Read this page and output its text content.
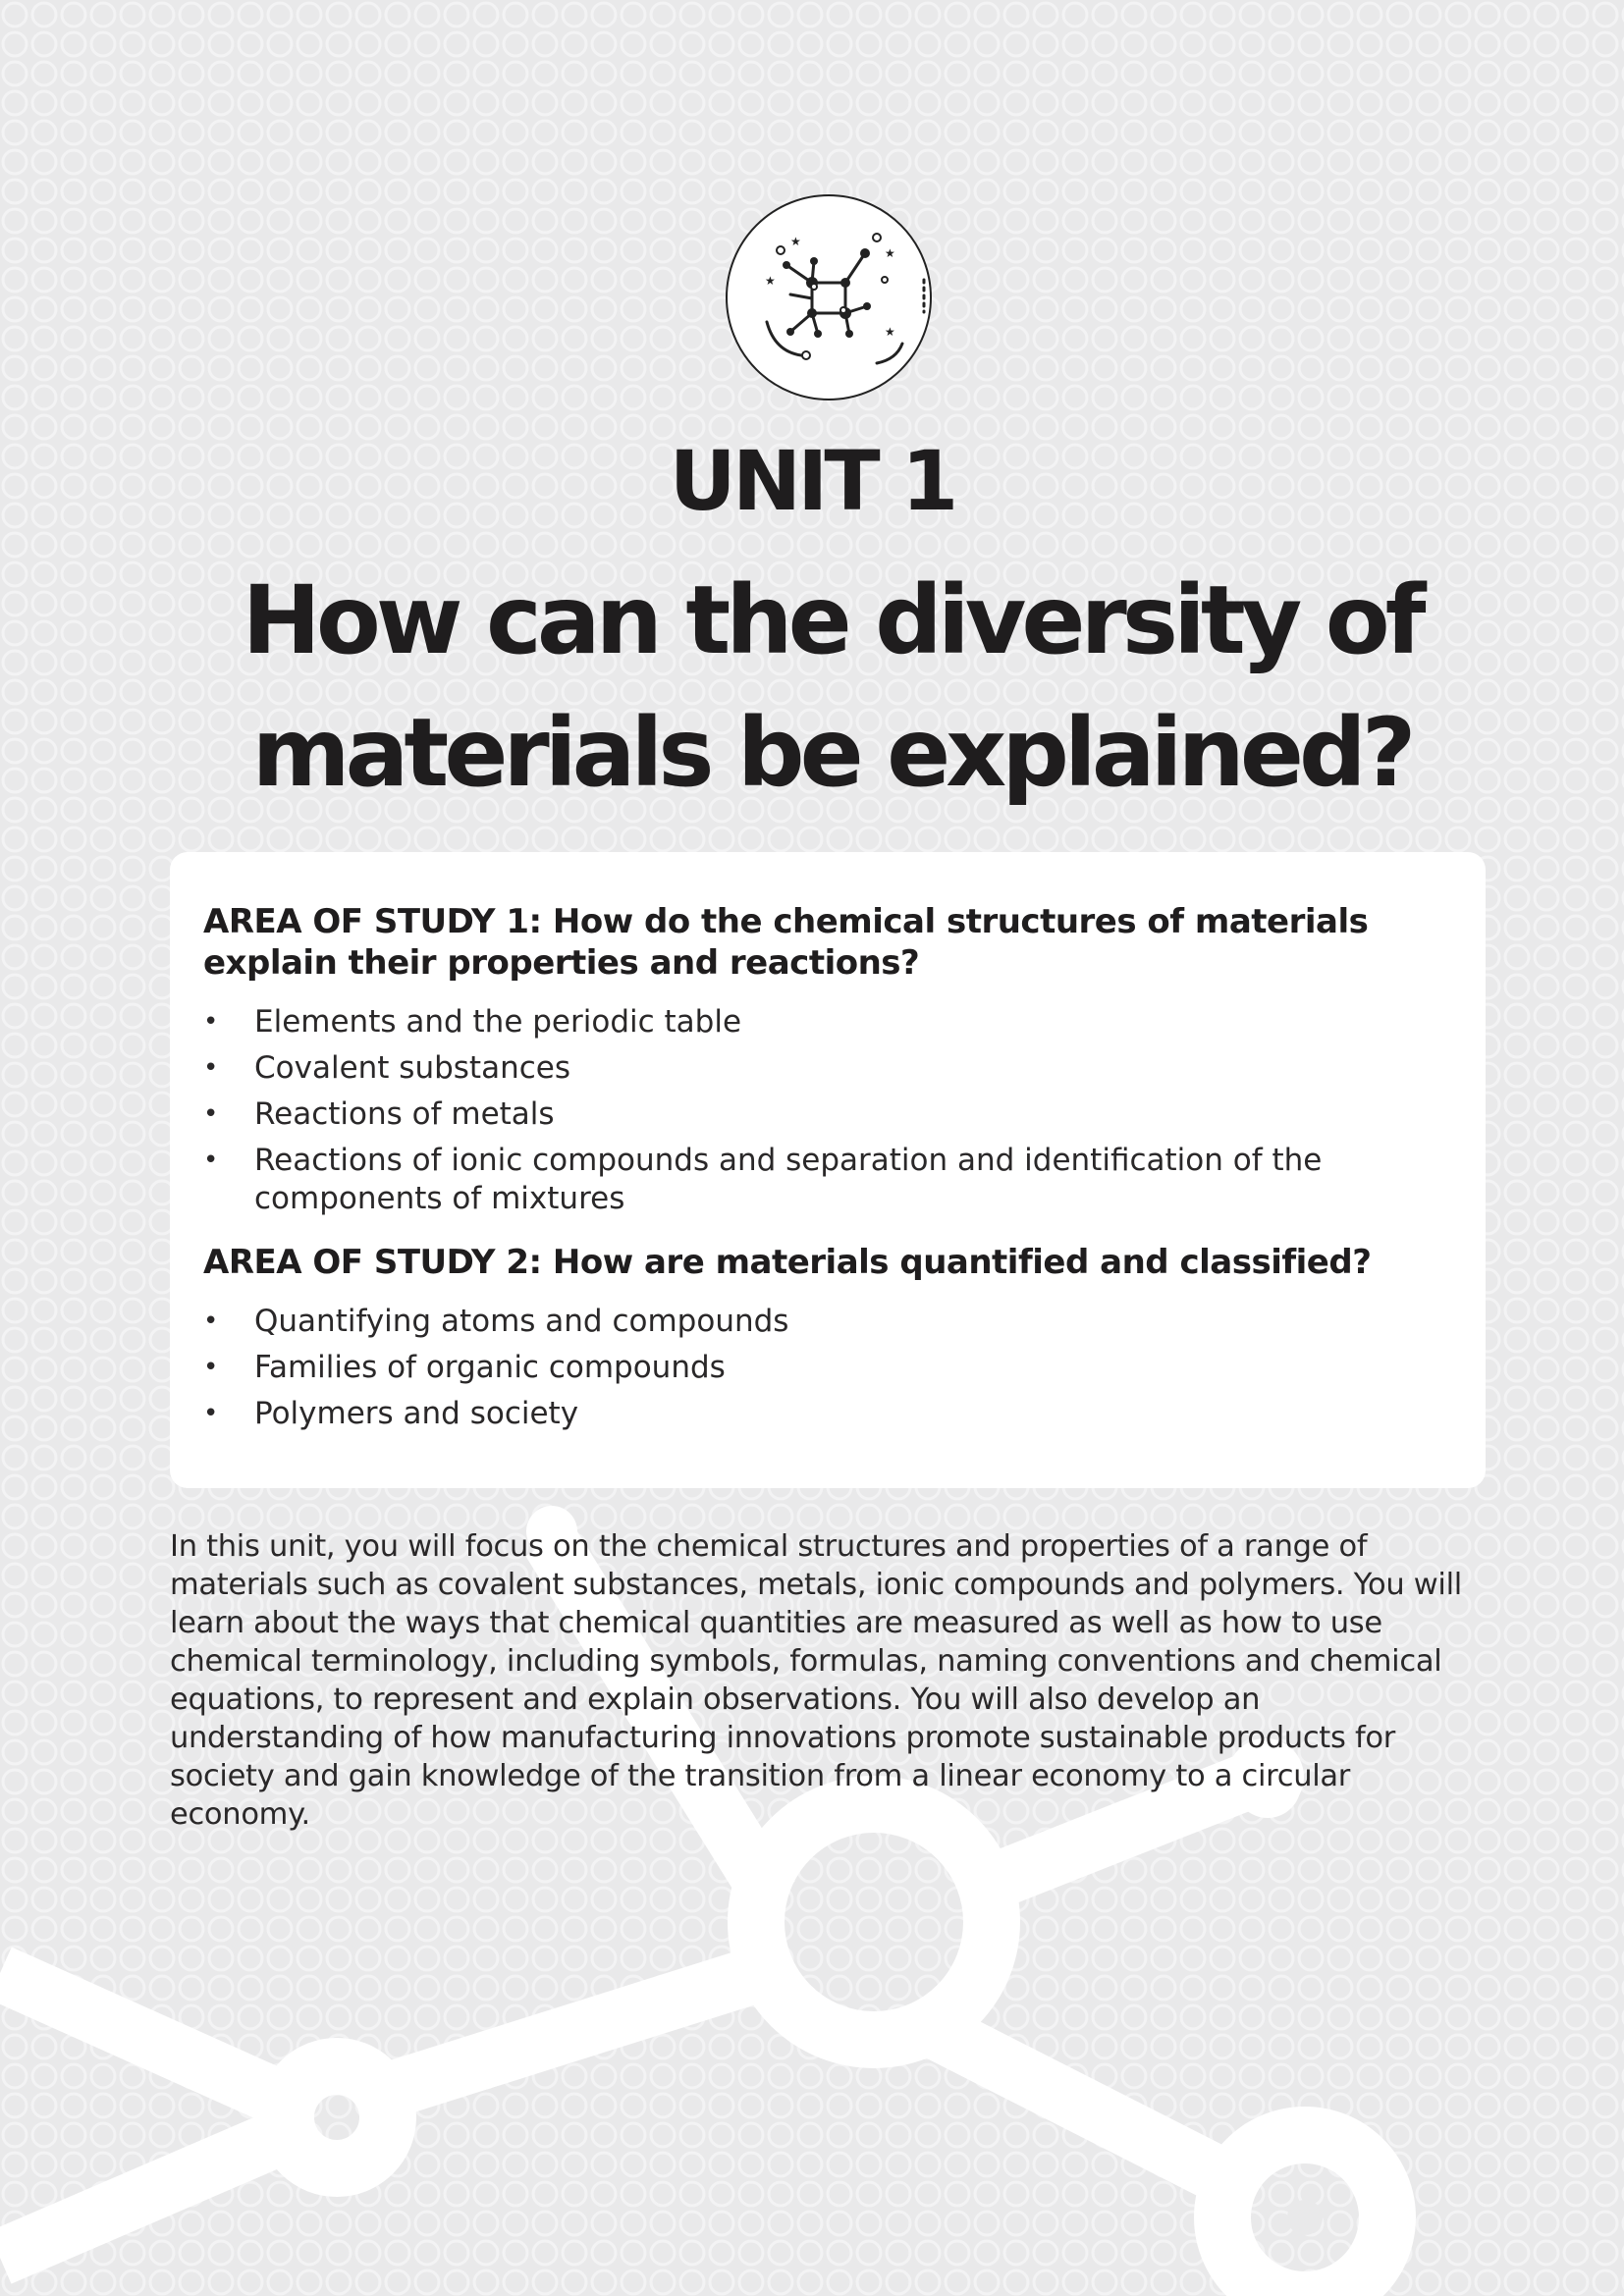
★
★
★
★
UNIT 1
How can the diversity of materials be explained?
AREA OF STUDY 1: How do the chemical structures of materials explain their properties and reactions?
• Elements and the periodic table
• Covalent substances
• Reactions of metals
• Reactions of ionic compounds and separation and identification of the components of mixtures
AREA OF STUDY 2: How are materials quantified and classified?
• Quantifying atoms and compounds
• Families of organic compounds
• Polymers and society

In this unit, you will focus on the chemical structures and properties of a range of materials such as covalent substances, metals, ionic compounds and polymers. You will learn about the ways that chemical quantities are measured as well as how to use chemical terminology, including symbols, formulas, naming conventions and chemical equations, to represent and explain observations. You will also develop an understanding of how manufacturing innovations promote sustainable products for society and gain knowledge of the transition from a linear economy to a circular economy.
